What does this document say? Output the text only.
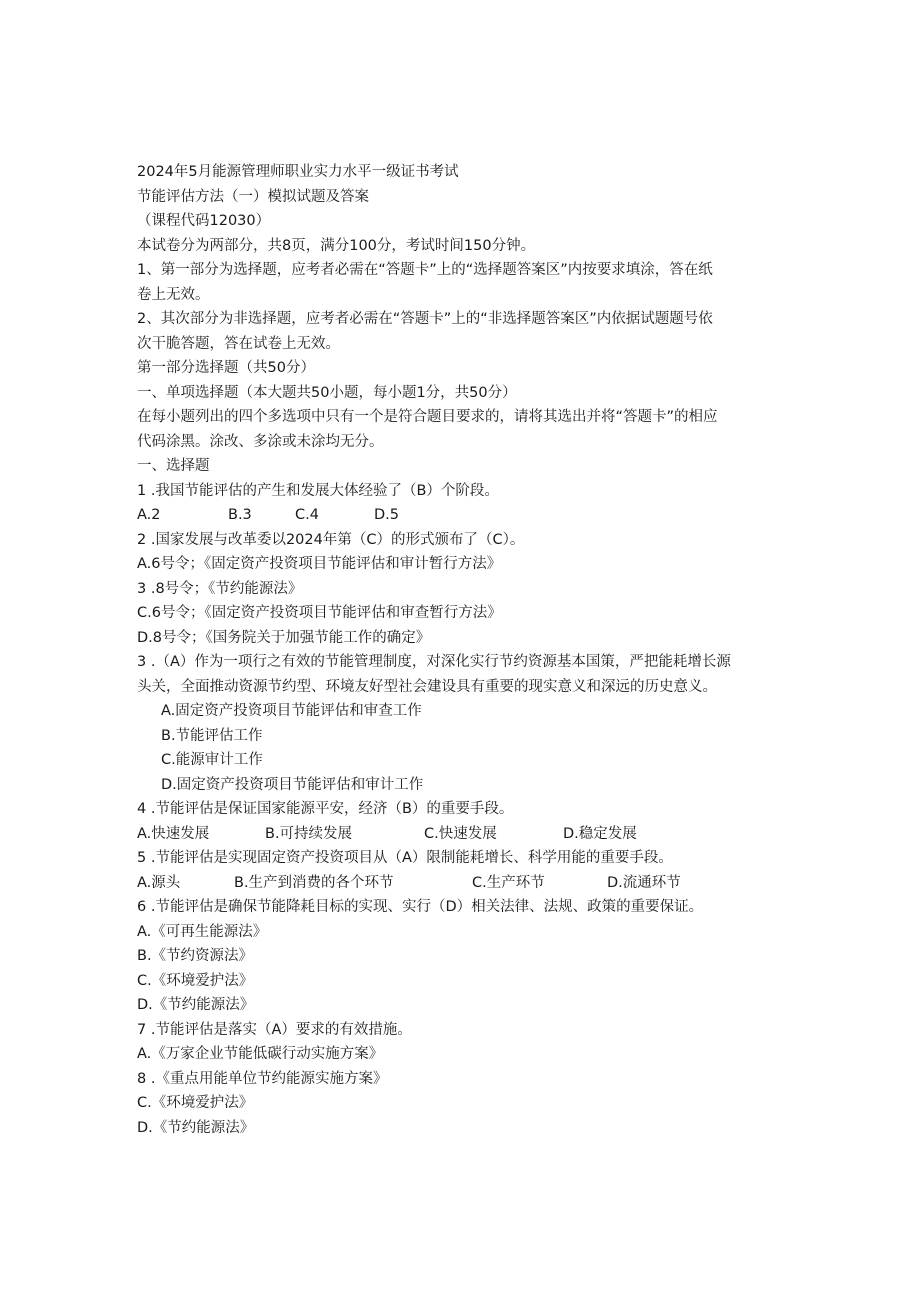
2024年5月能源管理师职业实力水平一级证书考试
节能评估方法（一）模拟试题及答案
（课程代码12030）
本试卷分为两部分，共8页，满分100分，考试时间150分钟。
1、第一部分为选择题，应考者必需在“答题卡”上的“选择题答案区”内按要求填涂，答在纸
卷上无效。
2、其次部分为非选择题，应考者必需在“答题卡”上的“非选择题答案区”内依据试题题号依
次干脆答题，答在试卷上无效。
第一部分选择题（共50分）
一、单项选择题（本大题共50小题，每小题1分，共50分）
在每小题列出的四个多选项中只有一个是符合题目要求的，请将其选出并将“答题卡”的相应
代码涂黑。涂改、多涂或未涂均无分。
一、选择题
1 .我国节能评估的产生和发展大体经验了（B）个阶段。
A.2	B.3	C.4	D.5
2 .国家发展与改革委以2024年第（C）的形式颁布了（C）。
A.6号令；《固定资产投资项目节能评估和审计暂行方法》
3 .8号令；《节约能源法》
C.6号令；《固定资产投资项目节能评估和审查暂行方法》
D.8号令；《国务院关于加强节能工作的确定》
3 .（A）作为一项行之有效的节能管理制度，对深化实行节约资源基本国策，严把能耗增长源
头关，全面推动资源节约型、环境友好型社会建设具有重要的现实意义和深远的历史意义。
A.固定资产投资项目节能评估和审查工作
B.节能评估工作
C.能源审计工作
D.固定资产投资项目节能评估和审计工作
4 .节能评估是保证国家能源平安，经济（B）的重要手段。
A.快速发展	B.可持续发展	C.快速发展	D.稳定发展
5 .节能评估是实现固定资产投资项目从（A）限制能耗增长、科学用能的重要手段。
A.源头	B.生产到消费的各个环节	C.生产环节	D.流通环节
6 .节能评估是确保节能降耗目标的实现、实行（D）相关法律、法规、政策的重要保证。
A.《可再生能源法》
B.《节约资源法》
C.《环境爱护法》
D.《节约能源法》
7 .节能评估是落实（A）要求的有效措施。
A.《万家企业节能低碳行动实施方案》
8 .《重点用能单位节约能源实施方案》
C.《环境爱护法》
D.《节约能源法》
